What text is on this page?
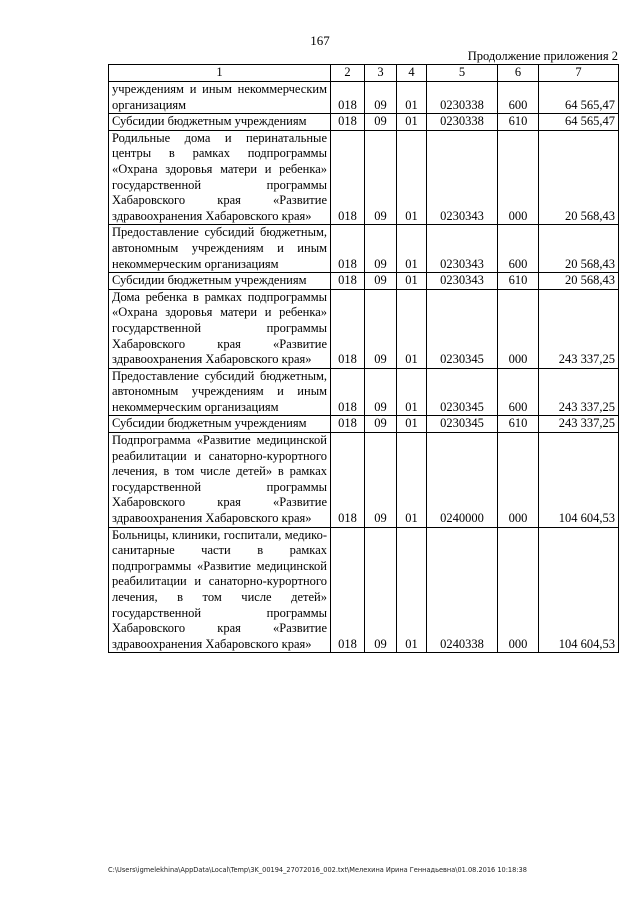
167
Продолжение приложения 2
1	2	3	4	5	6	7
учреждениям и иным некоммерческим организациям	018	09	01	0230338	600	64 565,47
Субсидии бюджетным учреждениям	018	09	01	0230338	610	64 565,47
Родильные дома и перинатальные центры в рамках подпрограммы «Охрана здоровья матери и ребенка» государственной программы Хабаровского края «Развитие здравоохранения Хабаровского края»	018	09	01	0230343	000	20 568,43
Предоставление субсидий бюджетным, автономным учреждениям и иным некоммерческим организациям	018	09	01	0230343	600	20 568,43
Субсидии бюджетным учреждениям	018	09	01	0230343	610	20 568,43
Дома ребенка в рамках подпрограммы «Охрана здоровья матери и ребенка» государственной программы Хабаровского края «Развитие здравоохранения Хабаровского края»	018	09	01	0230345	000	243 337,25
Предоставление субсидий бюджетным, автономным учреждениям и иным некоммерческим организациям	018	09	01	0230345	600	243 337,25
Субсидии бюджетным учреждениям	018	09	01	0230345	610	243 337,25
Подпрограмма «Развитие медицинской реабилитации и санаторно-курортного лечения, в том числе детей» в рамках государственной программы Хабаровского края «Развитие здравоохранения Хабаровского края»	018	09	01	0240000	000	104 604,53
Больницы, клиники, госпитали, медико-санитарные части в рамках подпрограммы «Развитие медицинской реабилитации и санаторно-курортного лечения, в том числе детей» государственной программы Хабаровского края «Развитие здравоохранения Хабаровского края»	018	09	01	0240338	000	104 604,53
C:\Users\igmelekhina\AppData\Local\Temp\3K_00194_27072016_002.txt\Мелехина Ирина Геннадьевна\01.08.2016 10:18:38
